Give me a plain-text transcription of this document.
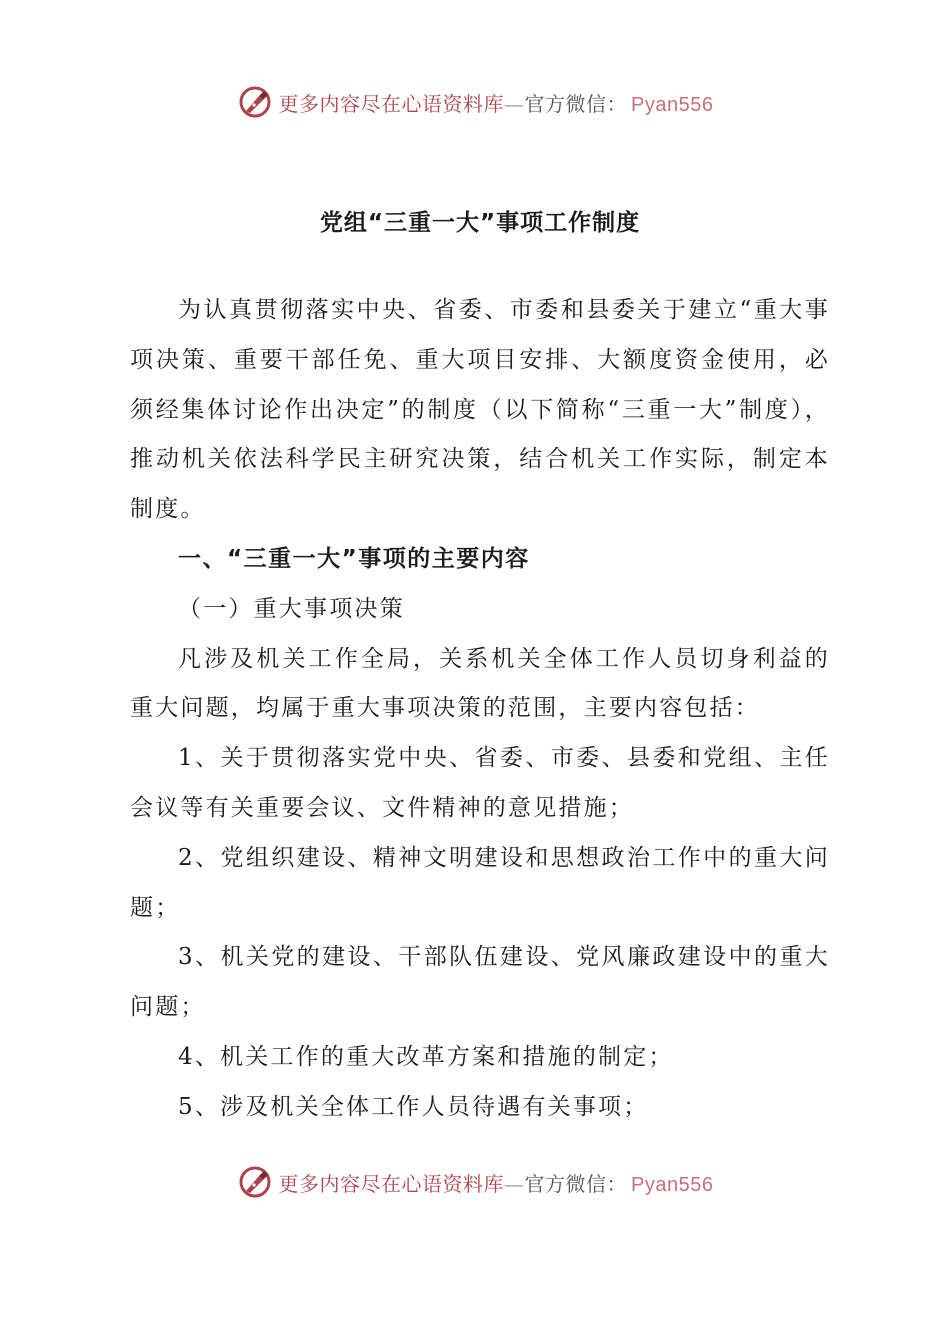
更多内容尽在心语资料库—官方微信： Pyan556
党组“三重一大”事项工作制度

为认真贯彻落实中央、省委、市委和县委关于建立“重大事项决策、重要干部任免、重大项目安排、大额度资金使用，必须经集体讨论作出决定”的制度（以下简称“三重一大”制度），推动机关依法科学民主研究决策，结合机关工作实际，制定本制度。

一、“三重一大”事项的主要内容

（一）重大事项决策

凡涉及机关工作全局，关系机关全体工作人员切身利益的重大问题，均属于重大事项决策的范围，主要内容包括：

1、关于贯彻落实党中央、省委、市委、县委和党组、主任会议等有关重要会议、文件精神的意见措施；

2、党组织建设、精神文明建设和思想政治工作中的重大问题；

3、机关党的建设、干部队伍建设、党风廉政建设中的重大问题；

4、机关工作的重大改革方案和措施的制定；

5、涉及机关全体工作人员待遇有关事项；

更多内容尽在心语资料库—官方微信： Pyan556
